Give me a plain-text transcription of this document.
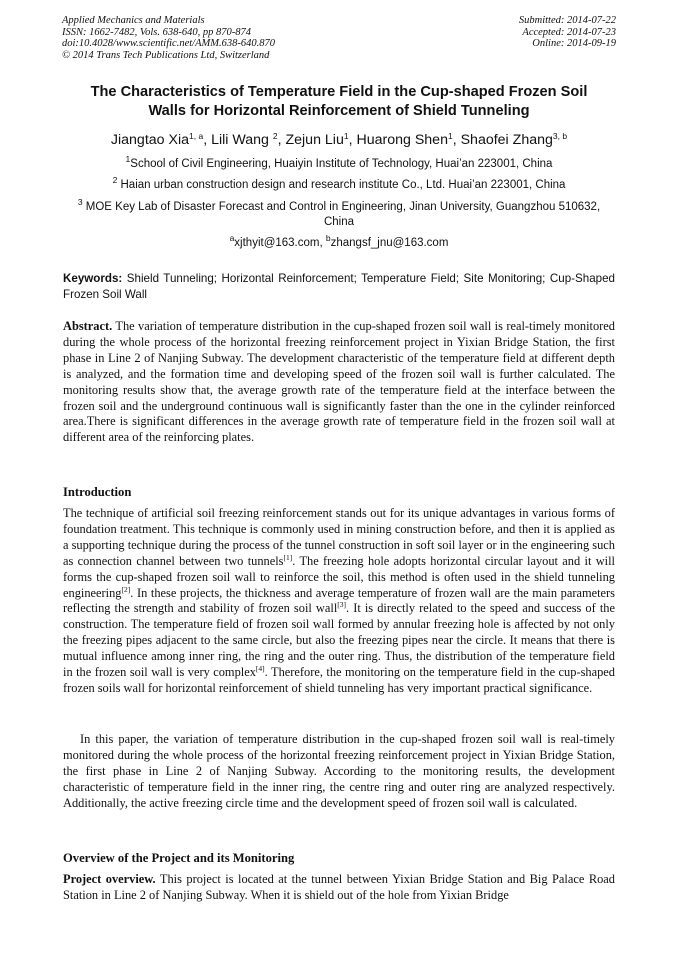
Applied Mechanics and Materials
ISSN: 1662-7482, Vols. 638-640, pp 870-874
doi:10.4028/www.scientific.net/AMM.638-640.870
© 2014 Trans Tech Publications Ltd, Switzerland
Submitted: 2014-07-22
Accepted: 2014-07-23
Online: 2014-09-19
The Characteristics of Temperature Field in the Cup-shaped Frozen Soil
Walls for Horizontal Reinforcement of Shield Tunneling
Jiangtao Xia$^{1, a}$, Lili Wang $^2$, Zejun Liu$^1$, Huarong Shen$^1$, Shaofei Zhang$^{3, b}$
$^1$School of Civil Engineering, Huaiyin Institute of Technology, Huai’an 223001, China
$^2$ Haian urban construction design and research institute Co., Ltd. Huai’an 223001, China
$^3$ MOE Key Lab of Disaster Forecast and Control in Engineering, Jinan University, Guangzhou 510632, China
$^a$xjthyit@163.com, $^b$zhangsf_jnu@163.com
Keywords: Shield Tunneling; Horizontal Reinforcement; Temperature Field; Site Monitoring; Cup-Shaped Frozen Soil Wall
Abstract. The variation of temperature distribution in the cup-shaped frozen soil wall is real-timely monitored during the whole process of the horizontal freezing reinforcement project in Yixian Bridge Station, the first phase in Line 2 of Nanjing Subway. The development characteristic of the temperature field at different depth is analyzed, and the formation time and developing speed of the frozen soil wall is further calculated. The monitoring results show that, the average growth rate of the temperature field at the interface between the frozen soil and the underground continuous wall is significantly faster than the one in the cylinder reinforced area.There is significant differences in the average growth rate of temperature field in the frozen soil wall at different area of the reinforcing plates.
Introduction
The technique of artificial soil freezing reinforcement stands out for its unique advantages in various forms of foundation treatment. This technique is commonly used in mining construction before, and then it is applied as a supporting technique during the process of the tunnel construction in soft soil layer or in the engineering such as connection channel between two tunnels[1]. The freezing hole adopts horizontal circular layout and it will forms the cup-shaped frozen soil wall to reinforce the soil, this method is often used in the shield tunneling engineering[2]. In these projects, the thickness and average temperature of frozen wall are the main parameters reflecting the strength and stability of frozen soil wall[3]. It is directly related to the speed and success of the construction. The temperature field of frozen soil wall formed by annular freezing hole is affected by not only the freezing pipes adjacent to the same circle, but also the freezing pipes near the circle. It means that there is mutual influence among inner ring, the ring and the outer ring. Thus, the distribution of the temperature field in the frozen soil wall is very complex[4]. Therefore, the monitoring on the temperature field in the cup-shaped frozen soils wall for horizontal reinforcement of shield tunneling has very important practical significance.
In this paper, the variation of temperature distribution in the cup-shaped frozen soil wall is real-timely monitored during the whole process of the horizontal freezing reinforcement project in Yixian Bridge Station, the first phase in Line 2 of Nanjing Subway. According to the monitoring results, the development characteristic of temperature field in the inner ring, the centre ring and outer ring are analyzed respectively. Additionally, the active freezing circle time and the development speed of frozen soil wall is calculated.
Overview of the Project and its Monitoring
Project overview. This project is located at the tunnel between Yixian Bridge Station and Big Palace Road Station in Line 2 of Nanjing Subway. When it is shield out of the hole from Yixian Bridge
